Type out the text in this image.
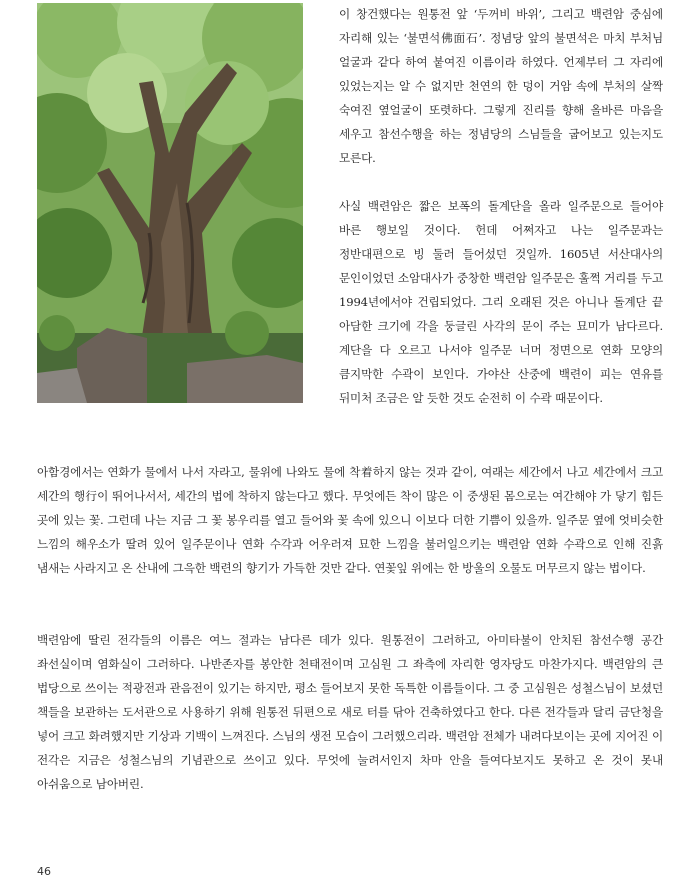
이 창건했다는 원통전 앞 ‘두꺼비 바위’, 그리고 백련암 중심에 자리해 있는 ‘불면석佛面石’. 정념당 앞의 불면석은 마치 부처님 얼굴과 같다 하여 붙여진 이름이라 하였다. 언제부터 그 자리에 있었는지는 알 수 없지만 천연의 한 덩이 거암 속에 부처의 살짝 숙여진 옆얼굴이 또렷하다. 그렇게 진리를 향해 올바른 마음을 세우고 참선수행을 하는 정념당의 스님들을 굽어보고 있는지도 모른다.

사실 백련암은 짧은 보폭의 돌계단을 올라 일주문으로 들어야 바른 행보일 것이다. 헌데 어쩌자고 나는 일주문과는 정반대편으로 빙 둘러 들어섰던 것일까. 1605년 서산대사의 문인이었던 소암대사가 중창한 백련암 일주문은 훌쩍 거리를 두고 1994년에서야 건립되었다. 그리 오래된 것은 아니나 돌계단 끝 아담한 크기에 각을 둥글린 사각의 문이 주는 묘미가 남다르다. 계단을 다 오르고 나서야 일주문 너머 정면으로 연화 모양의 큼지막한 수곽이 보인다. 가야산 산중에 백련이 피는 연유를 뒤미처 조금은 알 듯한 것도 순전히 이 수곽 때문이다.

아함경에서는 연화가 물에서 나서 자라고, 물위에 나와도 물에 착着하지 않는 것과 같이, 여래는 세간에서 나고 세간에서 크고 세간의 행行이 뛰어나서서, 세간의 법에 착하지 않는다고 했다. 무엇에든 착이 많은 이 중생된 몸으로는 여간해야 가 닿기 힘든 곳에 있는 꽃. 그런데 나는 지금 그 꽃 봉우리를 열고 들어와 꽃 속에 있으니 이보다 더한 기쁨이 있을까. 일주문 옆에 엇비슷한 느낌의 해우소가 딸려 있어 일주문이나 연화 수각과 어우러져 묘한 느낌을 불러일으키는 백련암 연화 수곽으로 인해 진흙 냄새는 사라지고 온 산내에 그윽한 백련의 향기가 가득한 것만 같다. 연꽃잎 위에는 한 방울의 오물도 머무르지 않는 법이다.

백련암에 딸린 전각들의 이름은 여느 절과는 남다른 데가 있다. 원통전이 그러하고, 아미타불이 안치된 참선수행 공간 좌선실이며 염화실이 그러하다. 나반존자를 봉안한 천태전이며 고심원 그 좌측에 자리한 영자당도 마찬가지다. 백련암의 큰 법당으로 쓰이는 적광전과 관음전이 있기는 하지만, 평소 들어보지 못한 독특한 이름들이다. 그 중 고심원은 성철스님이 보셨던 책들을 보관하는 도서관으로 사용하기 위해 원통전 뒤편으로 새로 터를 닦아 건축하였다고 한다. 다른 전각들과 달리 금단청을 넣어 크고 화려했지만 기상과 기백이 느껴진다. 스님의 생전 모습이 그러했으리라. 백련암 전체가 내려다보이는 곳에 지어진 이 전각은 지금은 성철스님의 기념관으로 쓰이고 있다. 무엇에 눌려서인지 차마 안을 들여다보지도 못하고 온 것이 못내 아쉬움으로 남아버린.

46
